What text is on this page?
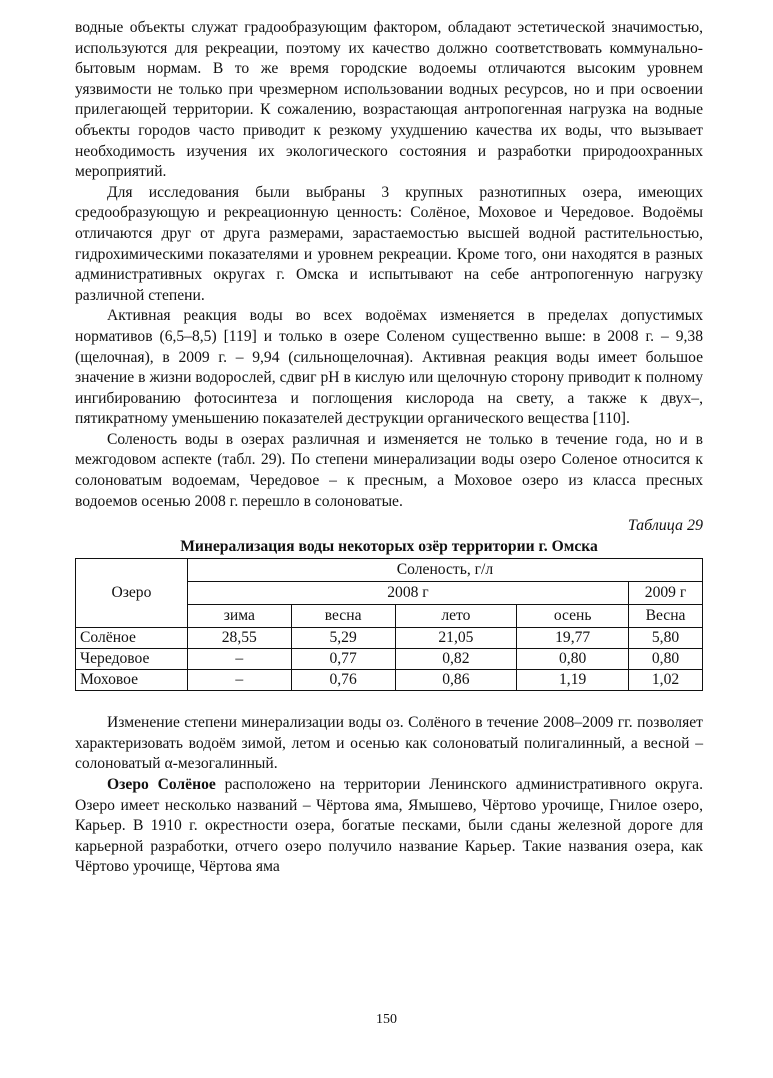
водные объекты служат градообразующим фактором, обладают эстетической значимостью, используются для рекреации, поэтому их качество должно соответствовать коммунально-бытовым нормам. В то же время городские водоемы отличаются высоким уровнем уязвимости не только при чрезмерном использовании водных ресурсов, но и при освоении прилегающей территории. К сожалению, возрастающая антропогенная нагрузка на водные объекты городов часто приводит к резкому ухудшению качества их воды, что вызывает необходимость изучения их экологического состояния и разработки природоохранных мероприятий.

Для исследования были выбраны 3 крупных разнотипных озера, имеющих средообразующую и рекреационную ценность: Солёное, Моховое и Чередовое. Водоёмы отличаются друг от друга размерами, зарастаемостью высшей водной растительностью, гидрохимическими показателями и уровнем рекреации. Кроме того, они находятся в разных административных округах г. Омска и испытывают на себе антропогенную нагрузку различной степени.

Активная реакция воды во всех водоёмах изменяется в пределах допустимых нормативов (6,5–8,5) [119] и только в озере Соленом существенно выше: в 2008 г. – 9,38 (щелочная), в 2009 г. – 9,94 (сильнощелочная). Активная реакция воды имеет большое значение в жизни водорослей, сдвиг pH в кислую или щелочную сторону приводит к полному ингибированию фотосинтеза и поглощения кислорода на свету, а также к двух–, пятикратному уменьшению показателей деструкции органического вещества [110].

Соленость воды в озерах различная и изменяется не только в течение года, но и в межгодовом аспекте (табл. 29). По степени минерализации воды озеро Соленое относится к солоноватым водоемам, Чередовое – к пресным, а Моховое озеро из класса пресных водоемов осенью 2008 г. перешло в солоноватые.

Таблица 29
Минерализация воды некоторых озёр территории г. Омска
Озеро	Соленость, г/л				
	2008 г				2009 г
	зима	весна	лето	осень	Весна
Солёное	28,55	5,29	21,05	19,77	5,80
Чередовое	–	0,77	0,82	0,80	0,80
Моховое	–	0,76	0,86	1,19	1,02

Изменение степени минерализации воды оз. Солёного в течение 2008–2009 гг. позволяет характеризовать водоём зимой, летом и осенью как солоноватый полигалинный, а весной – солоноватый α-мезогалинный.

Озеро Солёное расположено на территории Ленинского административного округа. Озеро имеет несколько названий – Чёртова яма, Ямышево, Чёртово урочище, Гнилое озеро, Карьер. В 1910 г. окрестности озера, богатые песками, были сданы железной дороге для карьерной разработки, отчего озеро получило название Карьер. Такие названия озера, как Чёртово урочище, Чёртова яма

150
